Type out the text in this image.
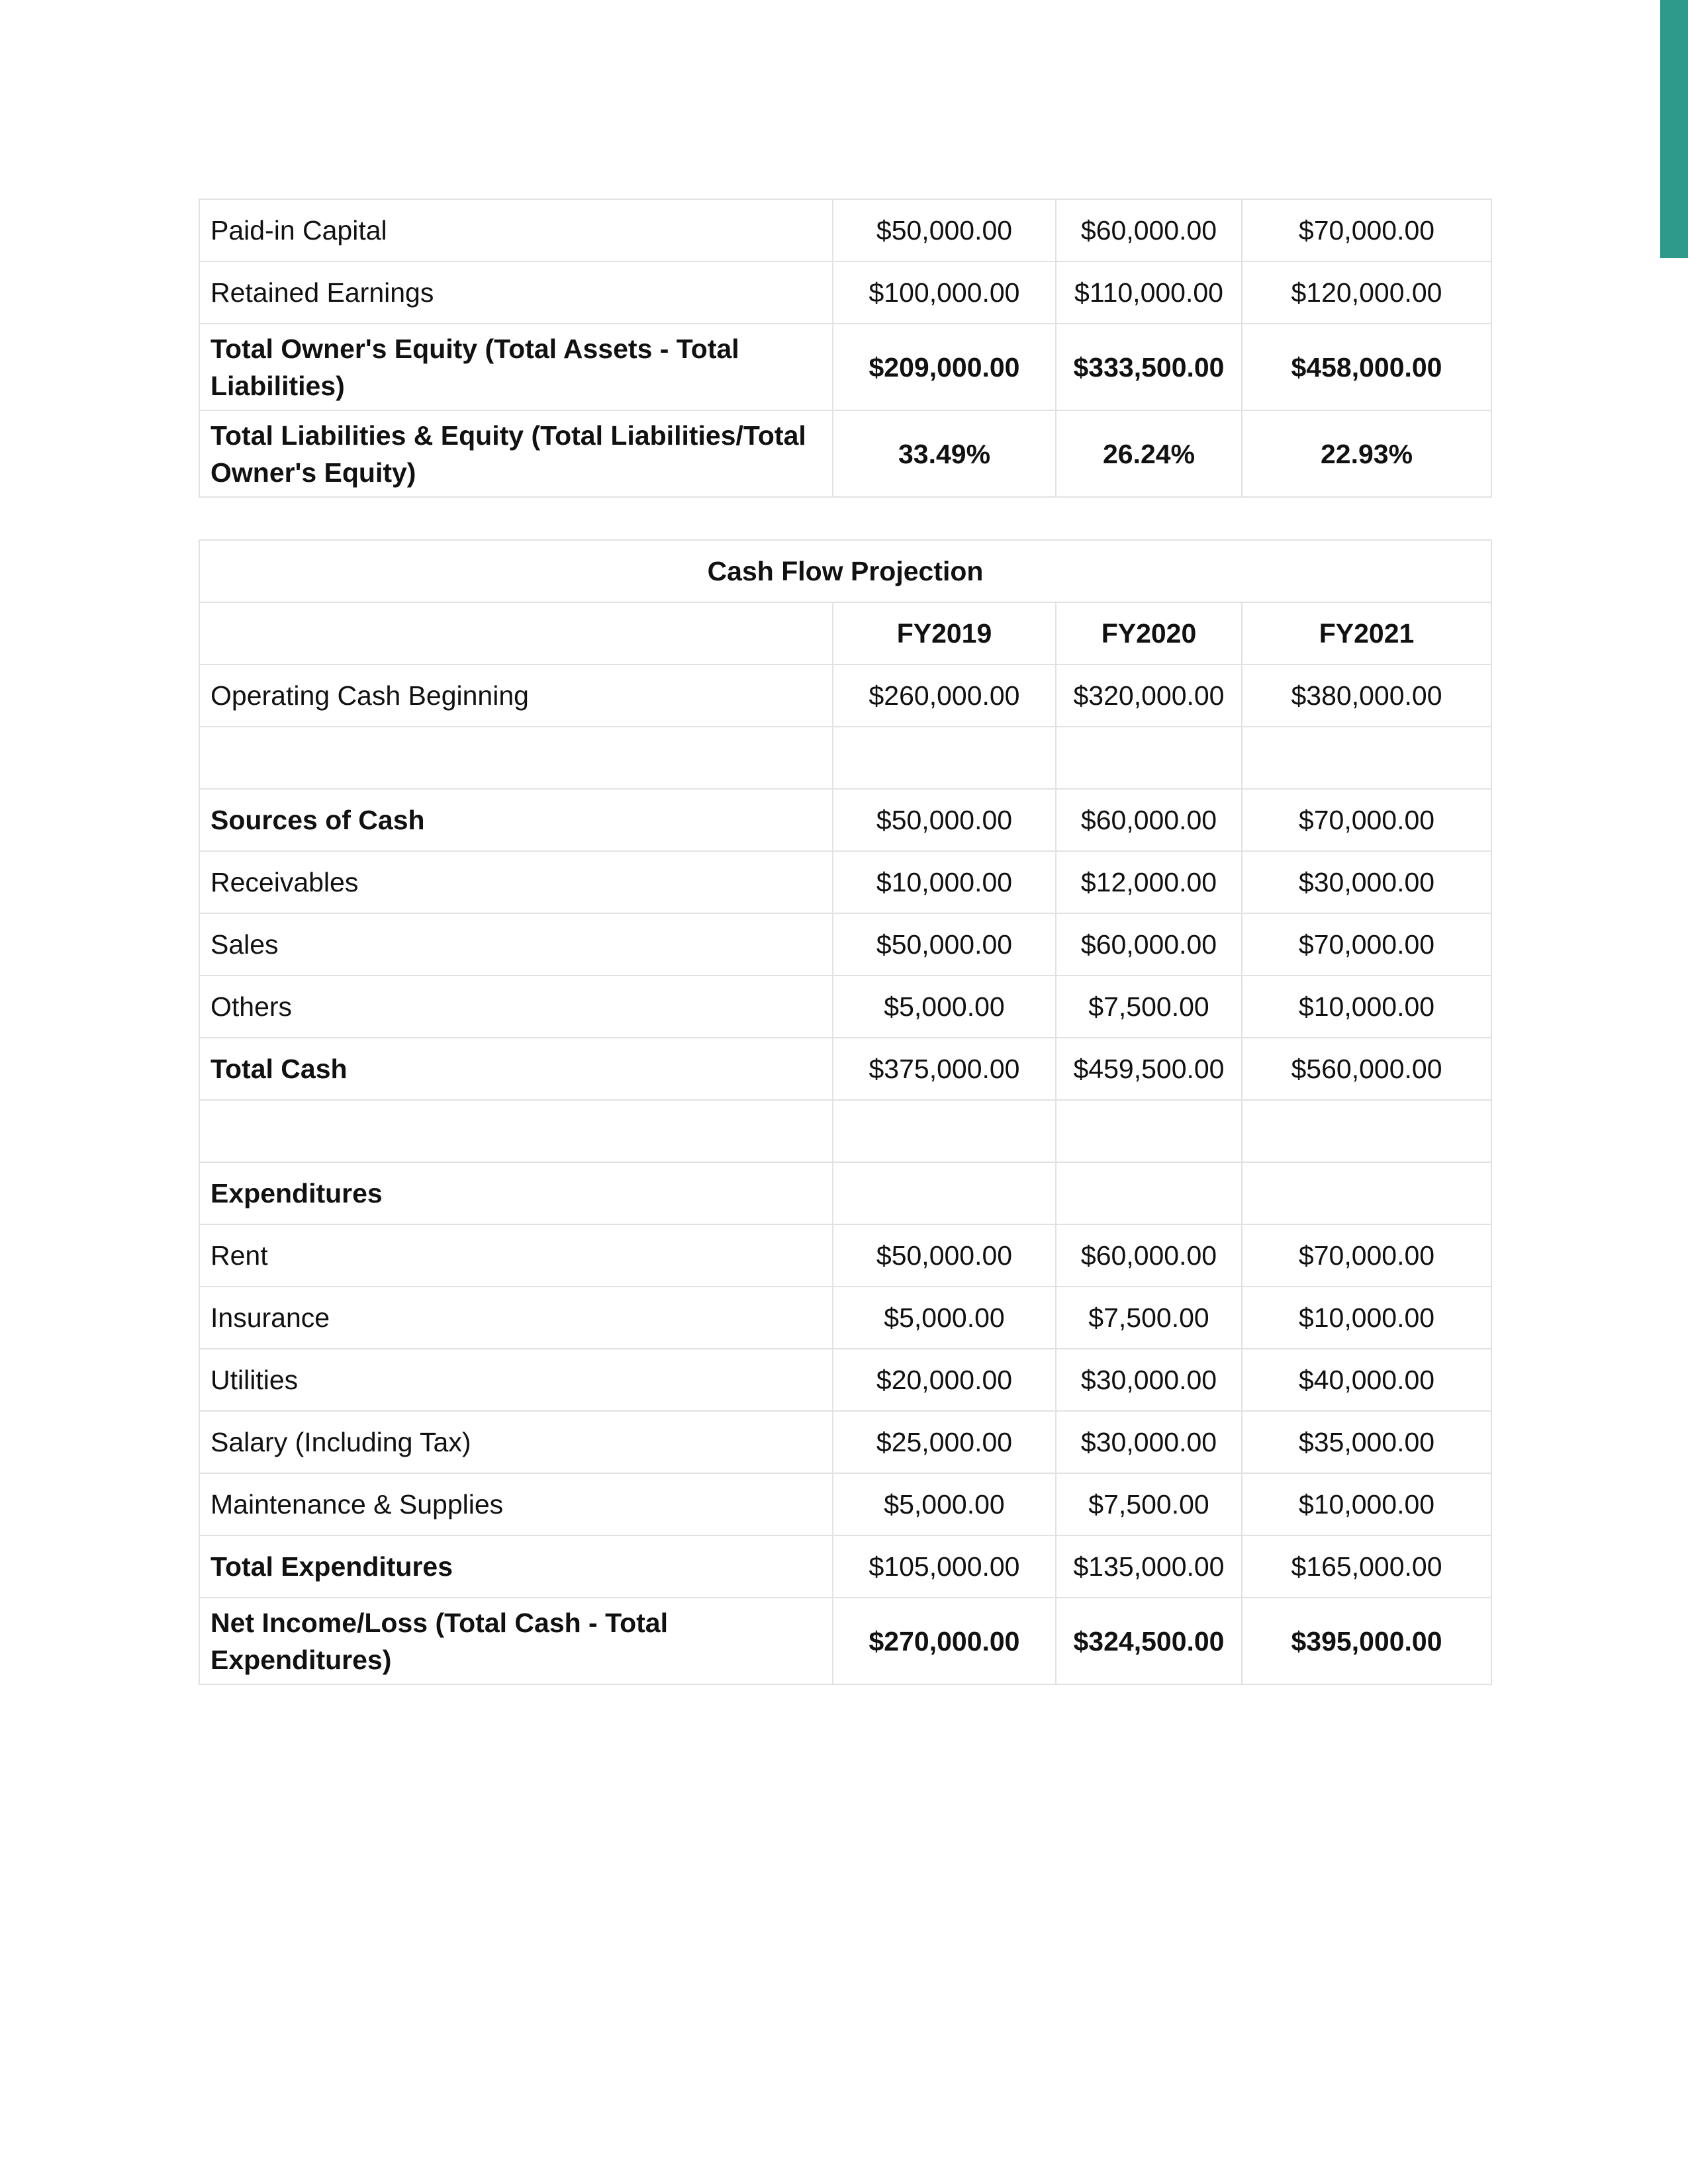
Paid-in Capital	$50,000.00	$60,000.00	$70,000.00
Retained Earnings	$100,000.00	$110,000.00	$120,000.00
Total Owner's Equity (Total Assets - Total Liabilities)	$209,000.00	$333,500.00	$458,000.00
Total Liabilities & Equity (Total Liabilities/Total Owner's Equity)	33.49%	26.24%	22.93%
Cash Flow Projection			
	FY2019	FY2020	FY2021
Operating Cash Beginning	$260,000.00	$320,000.00	$380,000.00

Sources of Cash	$50,000.00	$60,000.00	$70,000.00
Receivables	$10,000.00	$12,000.00	$30,000.00
Sales	$50,000.00	$60,000.00	$70,000.00
Others	$5,000.00	$7,500.00	$10,000.00
Total Cash	$375,000.00	$459,500.00	$560,000.00

Expenditures			
Rent	$50,000.00	$60,000.00	$70,000.00
Insurance	$5,000.00	$7,500.00	$10,000.00
Utilities	$20,000.00	$30,000.00	$40,000.00
Salary (Including Tax)	$25,000.00	$30,000.00	$35,000.00
Maintenance & Supplies	$5,000.00	$7,500.00	$10,000.00
Total Expenditures	$105,000.00	$135,000.00	$165,000.00
Net Income/Loss (Total Cash - Total Expenditures)	$270,000.00	$324,500.00	$395,000.00
